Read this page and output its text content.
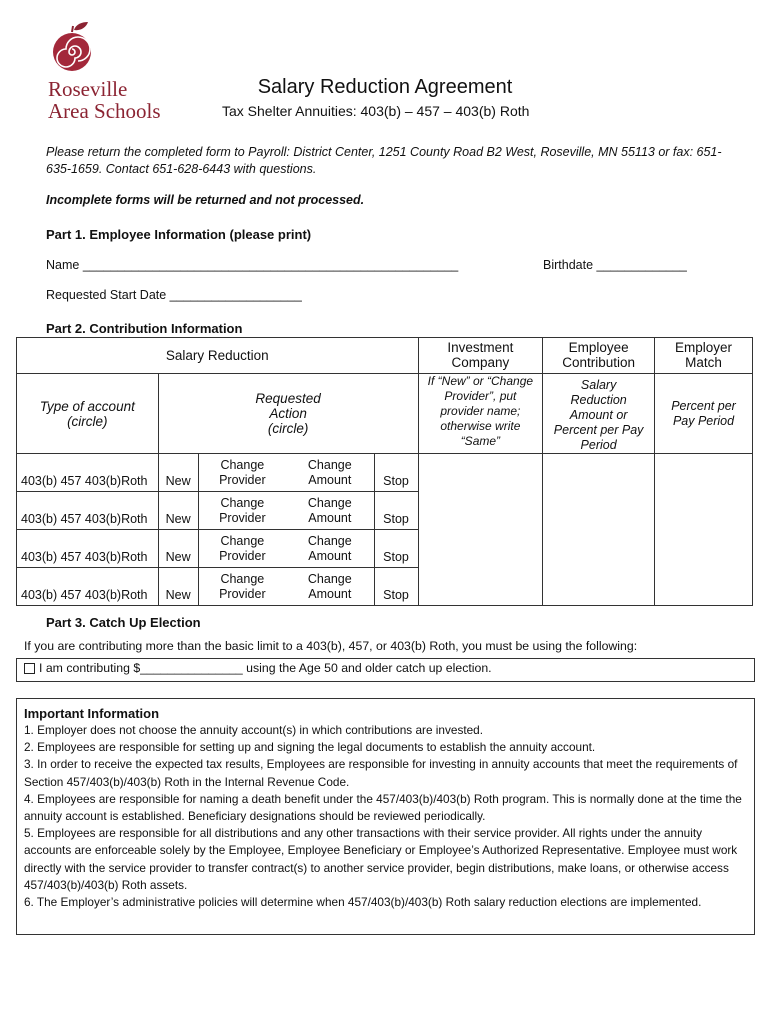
Roseville
Area Schools
Salary Reduction Agreement
Tax Shelter Annuities: 403(b) – 457 – 403(b) Roth
Please return the completed form to Payroll: District Center, 1251 County Road B2 West, Roseville, MN 55113 or fax: 651-635-1659. Contact 651-628-6443 with questions.
Incomplete forms will be returned and not processed.
Part 1. Employee Information (please print)
Name ______________________________________________________	Birthdate _____________
Requested Start Date ___________________
Part 2. Contribution Information
Salary Reduction					Investment Company	Employee Contribution	Employer Match

Type of account (circle)	Requested Action (circle)				If “New” or “Change Provider”, put provider name; otherwise write “Same”	Salary Reduction Amount or Percent per Pay Period	Percent per Pay Period
403(b) 457 403(b)Roth	New	Change Provider	Change Amount	Stop			
403(b) 457 403(b)Roth	New	Change Provider	Change Amount	Stop			
403(b) 457 403(b)Roth	New	Change Provider	Change Amount	Stop			
403(b) 457 403(b)Roth	New	Change Provider	Change Amount	Stop			
Part 3. Catch Up Election
If you are contributing more than the basic limit to a 403(b), 457, or 403(b) Roth, you must be using the following:
I am contributing $_______________ using the Age 50 and older catch up election.
Important Information
1. Employer does not choose the annuity account(s) in which contributions are invested.
2. Employees are responsible for setting up and signing the legal documents to establish the annuity account.
3. In order to receive the expected tax results, Employees are responsible for investing in annuity accounts that meet the requirements of Section 457/403(b)/403(b) Roth in the Internal Revenue Code.
4. Employees are responsible for naming a death benefit under the 457/403(b)/403(b) Roth program. This is normally done at the time the annuity account is established. Beneficiary designations should be reviewed periodically.
5. Employees are responsible for all distributions and any other transactions with their service provider. All rights under the annuity accounts are enforceable solely by the Employee, Employee Beneficiary or Employee’s Authorized Representative. Employee must work directly with the service provider to transfer contract(s) to another service provider, begin distributions, make loans, or otherwise access 457/403(b)/403(b) Roth assets.
6. The Employer’s administrative policies will determine when 457/403(b)/403(b) Roth salary reduction elections are implemented.
